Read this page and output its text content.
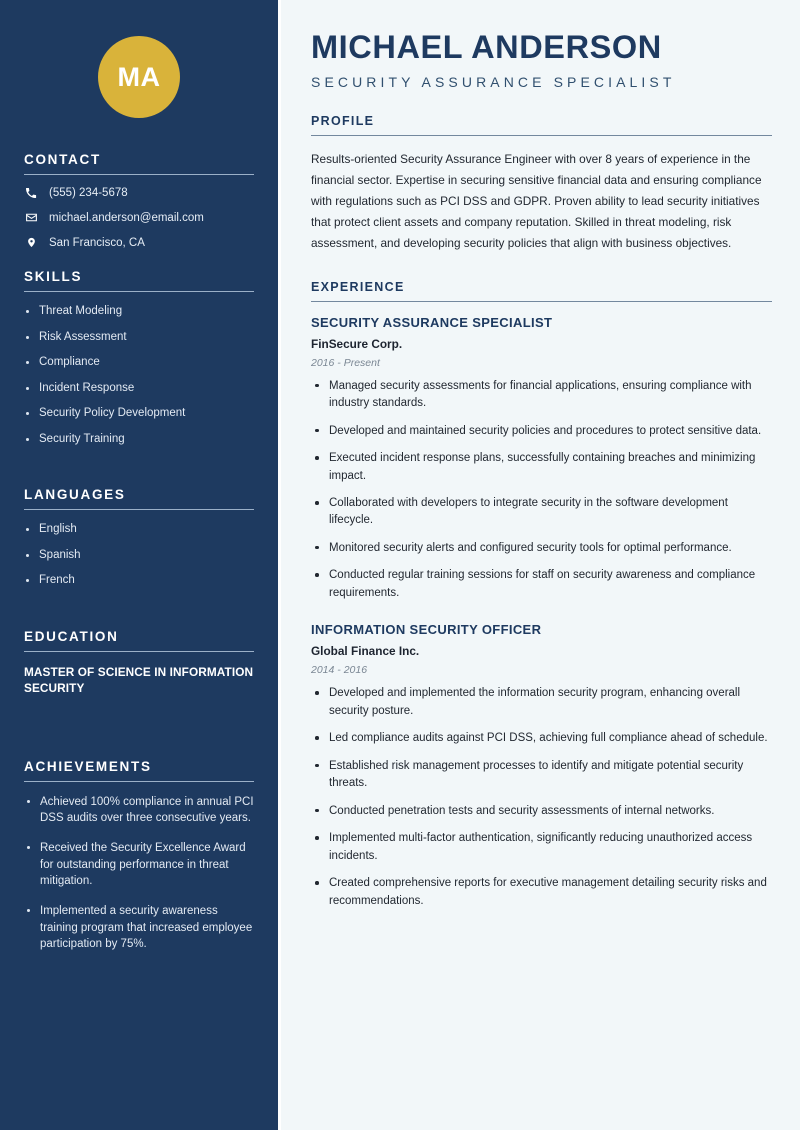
MA
CONTACT
(555) 234-5678
michael.anderson@email.com
San Francisco, CA
SKILLS
Threat Modeling
Risk Assessment
Compliance
Incident Response
Security Policy Development
Security Training
LANGUAGES
English
Spanish
French
EDUCATION
MASTER OF SCIENCE IN INFORMATION SECURITY
ACHIEVEMENTS
Achieved 100% compliance in annual PCI DSS audits over three consecutive years.
Received the Security Excellence Award for outstanding performance in threat mitigation.
Implemented a security awareness training program that increased employee participation by 75%.
MICHAEL ANDERSON
SECURITY ASSURANCE SPECIALIST
PROFILE

Results-oriented Security Assurance Engineer with over 8 years of experience in the financial sector. Expertise in securing sensitive financial data and ensuring compliance with regulations such as PCI DSS and GDPR. Proven ability to lead security initiatives that protect client assets and company reputation. Skilled in threat modeling, risk assessment, and developing security policies that align with business objectives.

EXPERIENCE
SECURITY ASSURANCE SPECIALIST
FinSecure Corp.
2016 - Present
Managed security assessments for financial applications, ensuring compliance with industry standards.
Developed and maintained security policies and procedures to protect sensitive data.
Executed incident response plans, successfully containing breaches and minimizing impact.
Collaborated with developers to integrate security in the software development lifecycle.
Monitored security alerts and configured security tools for optimal performance.
Conducted regular training sessions for staff on security awareness and compliance requirements.
INFORMATION SECURITY OFFICER
Global Finance Inc.
2014 - 2016
Developed and implemented the information security program, enhancing overall security posture.
Led compliance audits against PCI DSS, achieving full compliance ahead of schedule.
Established risk management processes to identify and mitigate potential security threats.
Conducted penetration tests and security assessments of internal networks.
Implemented multi-factor authentication, significantly reducing unauthorized access incidents.
Created comprehensive reports for executive management detailing security risks and recommendations.
